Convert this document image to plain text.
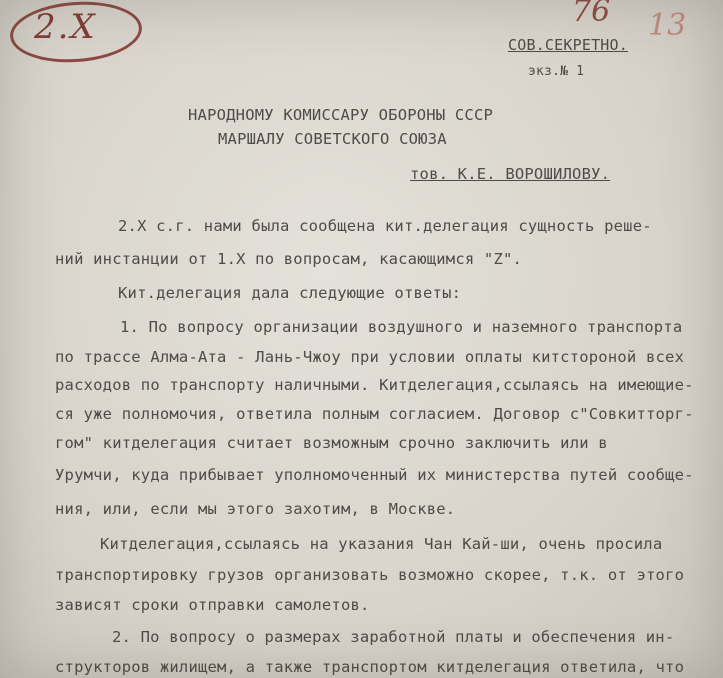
2.X	76 13
СОВ.СЕКРЕТНО.
экз.№ 1
НАРОДНОМУ КОМИССАРУ ОБОРОНЫ СССР
МАРШАЛУ СОВЕТСКОГО СОЮЗА
тов. К.Е. ВОРОШИЛОВУ.
2.X с.г. нами была сообщена кит.делегация сущность реше-
ний инстанции от 1.X по вопросам, касающимся "Z".
Кит.делегация дала следующие ответы:
1. По вопросу организации воздушного и наземного транспорта
по трассе Алма-Ата - Лань-Чжоу при условии оплаты китстороной всех
расходов по транспорту наличными. Китделегация,ссылаясь на имеющие-
ся уже полномочия, ответила полным согласием. Договор с"Совкитторг-
гом" китделегация считает возможным срочно заключить или в
Урумчи, куда прибывает уполномоченный их министерства путей сообще-
ния, или, если мы этого захотим, в Москве.
Китделегация,ссылаясь на указания Чан Кай-ши, очень просила
транспортировку грузов организовать возможно скорее, т.к. от этого
зависят сроки отправки самолетов.
2. По вопросу о размерах заработной платы и обеспечения ин-
структоров жилищем, а также транспортом китделегация ответила, что
